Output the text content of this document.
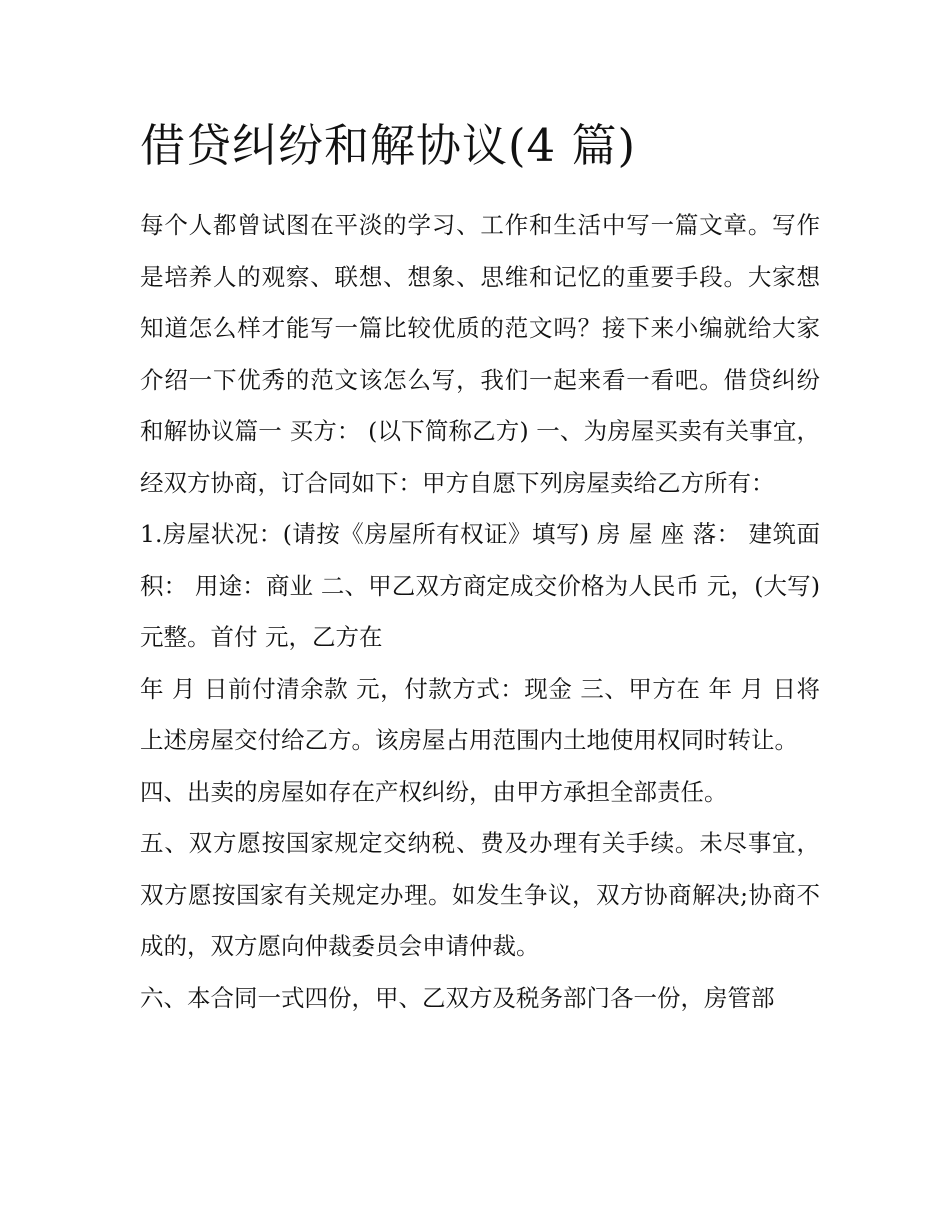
借贷纠纷和解协议(4 篇)

每个人都曾试图在平淡的学习、工作和生活中写一篇文章。写作是培养人的观察、联想、想象、思维和记忆的重要手段。大家想知道怎么样才能写一篇比较优质的范文吗？接下来小编就给大家介绍一下优秀的范文该怎么写，我们一起来看一看吧。借贷纠纷和解协议篇一 买方： (以下简称乙方) 一、为房屋买卖有关事宜，经双方协商，订合同如下：甲方自愿下列房屋卖给乙方所有：

1.房屋状况：(请按《房屋所有权证》填写) 房 屋 座 落： 建筑面积： 用途：商业 二、甲乙双方商定成交价格为人民币 元，(大写) 元整。首付 元，乙方在

年 月 日前付清余款 元，付款方式：现金 三、甲方在 年 月 日将上述房屋交付给乙方。该房屋占用范围内土地使用权同时转让。

四、出卖的房屋如存在产权纠纷，由甲方承担全部责任。

五、双方愿按国家规定交纳税、费及办理有关手续。未尽事宜，双方愿按国家有关规定办理。如发生争议，双方协商解决;协商不成的，双方愿向仲裁委员会申请仲裁。

六、本合同一式四份，甲、乙双方及税务部门各一份，房管部
